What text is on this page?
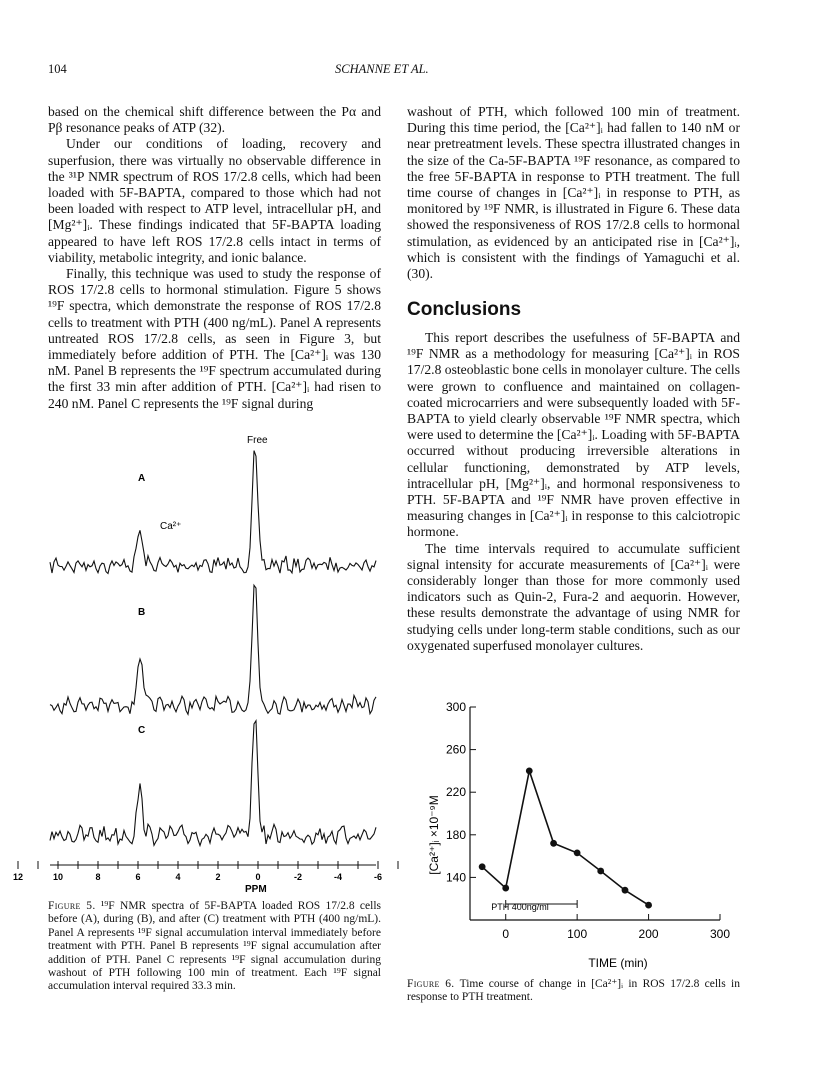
104	SCHANNE ET AL.

based on the chemical shift difference between the Pα and Pβ resonance peaks of ATP (32).

Under our conditions of loading, recovery and superfusion, there was virtually no observable difference in the ³¹P NMR spectrum of ROS 17/2.8 cells, which had been loaded with 5F-BAPTA, compared to those which had not been loaded with respect to ATP level, intracellular pH, and [Mg²⁺]ᵢ. These findings indicated that 5F-BAPTA loading appeared to have left ROS 17/2.8 cells intact in terms of viability, metabolic integrity, and ionic balance.

Finally, this technique was used to study the response of ROS 17/2.8 cells to hormonal stimulation. Figure 5 shows ¹⁹F spectra, which demonstrate the response of ROS 17/2.8 cells to treatment with PTH (400 ng/mL). Panel A represents untreated ROS 17/2.8 cells, as seen in Figure 3, but immediately before addition of PTH. The [Ca²⁺]ᵢ was 130 nM. Panel B represents the ¹⁹F spectrum accumulated during the first 33 min after addition of PTH. [Ca²⁺]ᵢ had risen to 240 nM. Panel C represents the ¹⁹F signal during

washout of PTH, which followed 100 min of treatment. During this time period, the [Ca²⁺]ᵢ had fallen to 140 nM or near pretreatment levels. These spectra illustrated changes in the size of the Ca-5F-BAPTA ¹⁹F resonance, as compared to the free 5F-BAPTA in response to PTH treatment. The full time course of changes in [Ca²⁺]ᵢ in response to PTH, as monitored by ¹⁹F NMR, is illustrated in Figure 6. These data showed the responsiveness of ROS 17/2.8 cells to hormonal stimulation, as evidenced by an anticipated rise in [Ca²⁺]ᵢ, which is consistent with the findings of Yamaguchi et al. (30).

Conclusions

This report describes the usefulness of 5F-BAPTA and ¹⁹F NMR as a methodology for measuring [Ca²⁺]ᵢ in ROS 17/2.8 osteoblastic bone cells in monolayer culture. The cells were grown to confluence and maintained on collagen-coated microcarriers and were subsequently loaded with 5F-BAPTA to yield clearly observable ¹⁹F NMR spectra, which were used to determine the [Ca²⁺]ᵢ. Loading with 5F-BAPTA occurred without producing irreversible alterations in cellular functioning, demonstrated by ATP levels, intracellular pH, [Mg²⁺]ᵢ, and hormonal responsiveness to PTH. 5F-BAPTA and ¹⁹F NMR have proven effective in measuring changes in [Ca²⁺]ᵢ in response to this calciotropic hormone.

The time intervals required to accumulate sufficient signal intensity for accurate measurements of [Ca²⁺]ᵢ were considerably longer than those for more commonly used indicators such as Quin-2, Fura-2 and aequorin. However, these results demonstrate the advantage of using NMR for studying cells under long-term stable conditions, such as our oxygenated superfused monolayer cultures.

Free
A
Ca²⁺
B
C
12	10	8	6	4	2	0	-2	-4	-6
PPM
Figure 5. ¹⁹F NMR spectra of 5F-BAPTA loaded ROS 17/2.8 cells before (A), during (B), and after (C) treatment with PTH (400 ng/mL). Panel A represents ¹⁹F signal accumulation interval immediately before treatment with PTH. Panel B represents ¹⁹F signal accumulation after addition of PTH. Panel C represents ¹⁹F signal accumulation during washout of PTH following 100 min of treatment. Each ¹⁹F signal accumulation interval required 33.3 min.
[Ca²⁺]ᵢ ×10⁻⁹M
TIME (min)
PTH 400ng/ml
140
180
220
260
300
0	100	200	300
Figure 6. Time course of change in [Ca²⁺]ᵢ in ROS 17/2.8 cells in response to PTH treatment.
